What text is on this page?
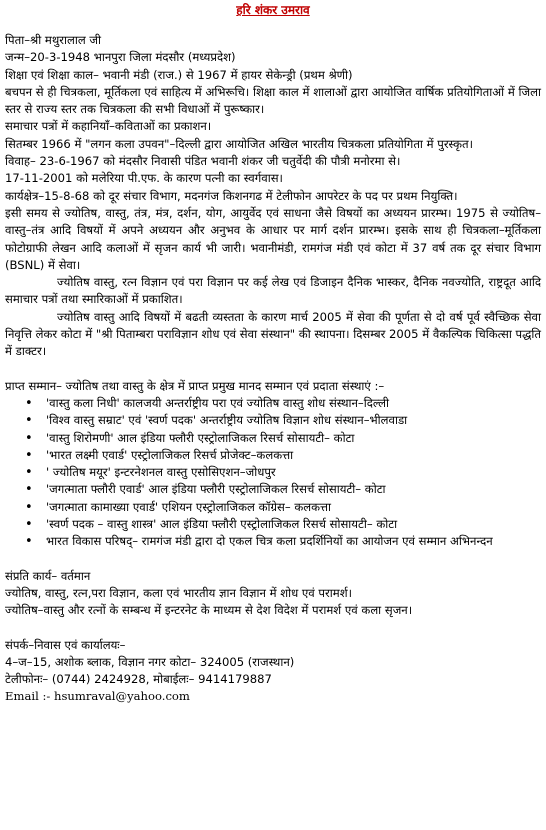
हरि शंकर उमराव
पिता–श्री मथुरालाल जी
जन्म–20-3-1948 भानपुरा जिला मंदसौर (मध्यप्रदेश)
शिक्षा एवं शिक्षा काल– भवानी मंडी (राज.) से 1967 में हायर सेकेन्ड्री (प्रथम श्रेणी)
बचपन से ही चित्रकला, मूर्तिकला एवं साहित्य में अभिरूचि। शिक्षा काल में शालाओं द्वारा आयोजित वार्षिक प्रतियोगिताओं में जिला स्तर से राज्य स्तर तक चित्रकला की सभी विधाओं में पुरूष्कार।
समाचार पत्रों में कहानियाँ–कविताओं का प्रकाशन।
सितम्बर 1966 में "लगन कला उपवन"–दिल्ली द्वारा आयोजित अखिल भारतीय चित्रकला प्रतियोगिता में पुरस्कृत।
विवाह– 23-6-1967 को मंदसौर निवासी पंडित भवानी शंकर जी चतुर्वेदी की पौत्री मनोरमा से।
17-11-2001 को मलेरिया पी.एफ. के कारण पत्नी का स्वर्गवास।
कार्यक्षेत्र–15-8-68 को दूर संचार विभाग, मदनगंज किशनगढ में टेलीफोन आपरेटर के पद पर प्रथम नियुक्ति।
इसी समय से ज्योतिष, वास्तु, तंत्र, मंत्र, दर्शन, योग, आयुर्वेद एवं साधना जैसे विषयों का अध्ययन प्रारम्भ। 1975 से ज्योतिष–वास्तु–तंत्र आदि विषयों में अपने अध्ययन और अनुभव के आधार पर मार्ग दर्शन प्रारम्भ। इसके साथ ही चित्रकला–मूर्तिकला फोटोग्राफी लेखन आदि कलाओं में सृजन कार्य भी जारी। भवानीमंडी, रामगंज मंडी एवं कोटा में 37 वर्ष तक दूर संचार विभाग (BSNL) में सेवा।
ज्योतिष वास्तु, रत्न विज्ञान एवं परा विज्ञान पर कई लेख एवं डिजाइन दैनिक भास्कर, दैनिक नवज्योति, राष्ट्रदूत आदि समाचार पत्रों तथा स्मारिकाओं में प्रकाशित।
ज्योतिष वास्तु आदि विषयों में बढती व्यस्तता के कारण मार्च 2005 में सेवा की पूर्णता से दो वर्ष पूर्व स्वैच्छिक सेवा निवृत्ति लेकर कोटा में "श्री पिताम्बरा पराविज्ञान शोध एवं सेवा संस्थान" की स्थापना। दिसम्बर 2005 में वैकल्पिक चिकित्सा पद्धति में डाक्टर।
प्राप्त सम्मान– ज्योतिष तथा वास्तु के क्षेत्र में प्राप्त प्रमुख मानद सम्मान एवं प्रदाता संस्थाएं :–
• 'वास्तु कला निधी' कालजयी अन्तर्राष्ट्रीय परा एवं ज्योतिष वास्तु शोध संस्थान–दिल्ली
• 'विश्व वास्तु सम्राट' एवं 'स्वर्ण पदक' अन्तर्राष्ट्रीय ज्योतिष विज्ञान शोध संस्थान–भीलवाडा
• 'वास्तु शिरोमणी' आल इंडिया फ्लौरी एस्ट्रोलाजिकल रिसर्च सोसायटी– कोटा
• 'भारत लक्ष्मी एवार्ड' एस्ट्रोलाजिकल रिसर्च प्रोजेक्ट–कलकत्ता
• ' ज्योतिष मयूर' इन्टरनेशनल वास्तु एसोसिएशन–जोधपुर
• 'जगत्माता फ्लौरी एवार्ड' आल इंडिया फ्लौरी एस्ट्रोलाजिकल रिसर्च सोसायटी– कोटा
• 'जगत्माता कामाख्या एवार्ड' एशियन एस्ट्रोलाजिकल कॉग्रेस– कलकत्ता
• 'स्वर्ण पदक – वास्तु शास्त्र' आल इंडिया फ्लौरी एस्ट्रोलाजिकल रिसर्च सोसायटी– कोटा
• भारत विकास परिषद्– रामगंज मंडी द्वारा दो एकल चित्र कला प्रदर्शिनियों का आयोजन एवं सम्मान अभिनन्दन
संप्रति कार्य– वर्तमान
ज्योतिष, वास्तु, रत्न,परा विज्ञान, कला एवं भारतीय ज्ञान विज्ञान में शोध एवं परामर्श।
ज्योतिष–वास्तु और रत्नों के सम्बन्ध में इन्टरनेट के माध्यम से देश विदेश में परामर्श एवं कला सृजन।
संपर्क–निवास एवं कार्यालयः–
4–ज–15, अशोक ब्लाक, विज्ञान नगर कोटा– 324005 (राजस्थान)
टेलीफोनः– (0744) 2424928, मोबाईलः– 9414179887
Email :- hsumraval@yahoo.com
